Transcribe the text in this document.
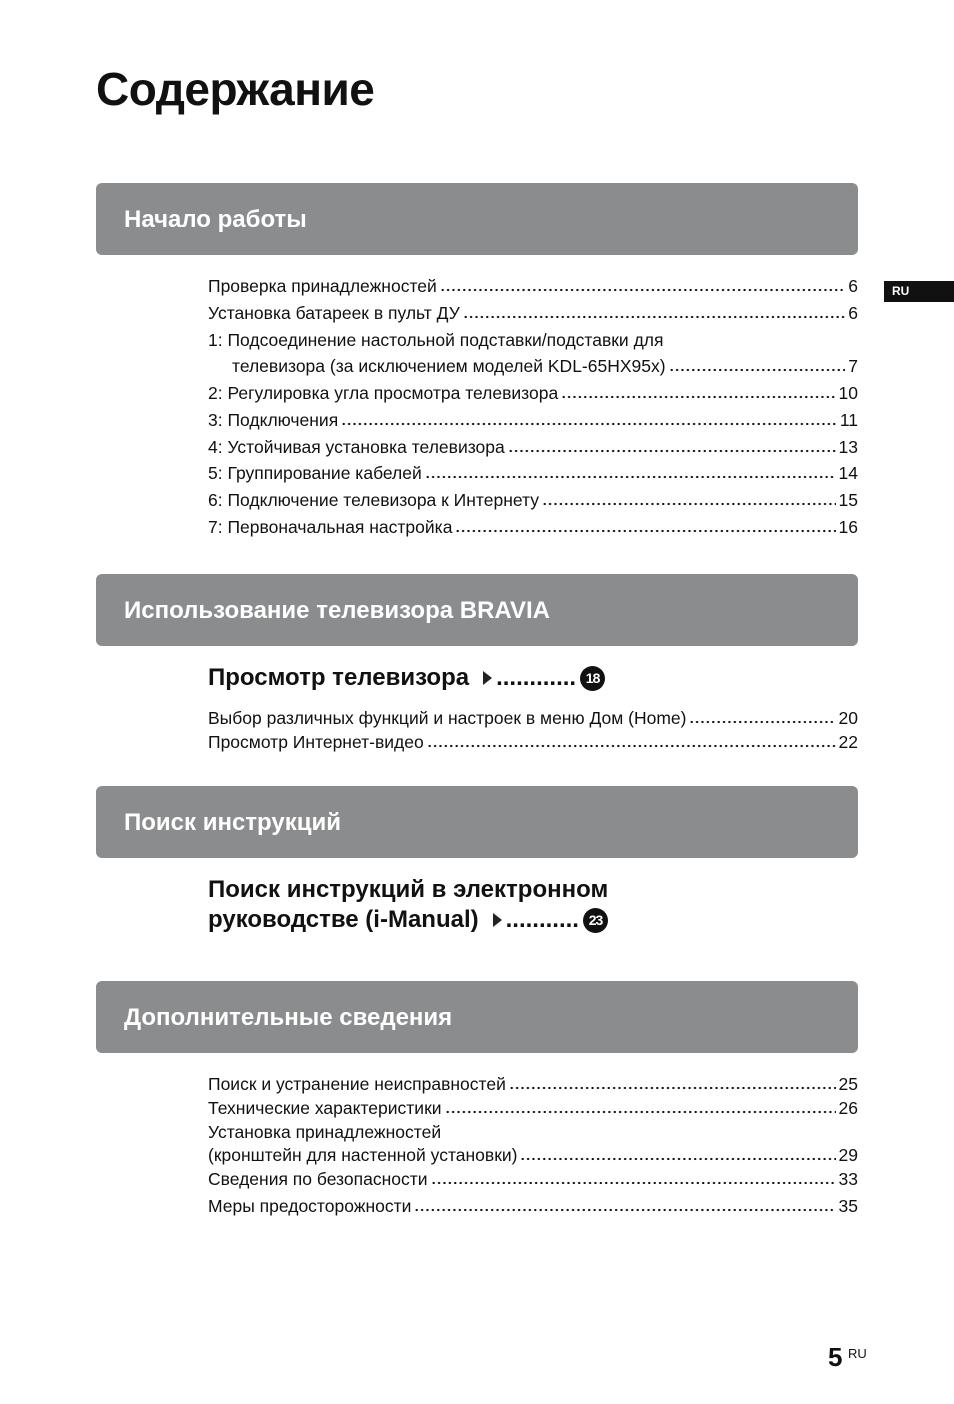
Содержание
RU
Начало работы
Проверка принадлежностей	6
Установка батареек в пульт ДУ	6
1: Подсоединение настольной подставки/подставки для
телевизора (за исключением моделей KDL-65HX95x)	7
2: Регулировка угла просмотра телевизора	10
3: Подключения	11
4: Устойчивая установка телевизора	13
5: Группирование кабелей	14
6: Подключение телевизора к Интернету	15
7: Первоначальная настройка	16
Использование телевизора BRAVIA
Просмотр телевизора ............ 18
Выбор различных функций и настроек в меню Дом (Home)	20
Просмотр Интернет-видео	22
Поиск инструкций
Поиск инструкций в электронном
руководстве (i-Manual) ........... 23
Дополнительные сведения
Поиск и устранение неисправностей	25
Технические характеристики	26
Установка принадлежностей
(кронштейн для настенной установки)	29
Сведения по безопасности	33
Меры предосторожности	35
5 RU
